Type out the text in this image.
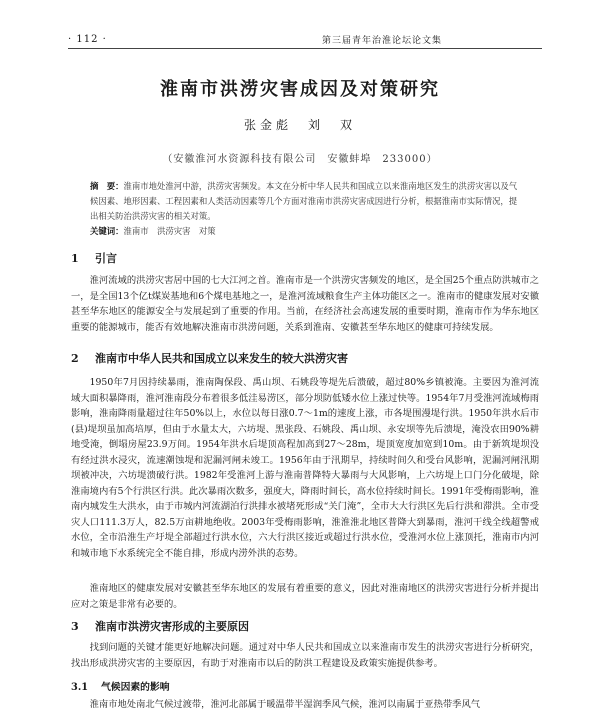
· 112 ·	第三届青年治淮论坛论文集
淮南市洪涝灾害成因及对策研究
张金彪　刘　双
（安徽淮河水资源科技有限公司　安徽蚌埠　233000）
摘　要：淮南市地处淮河中游，洪涝灾害频发。本文在分析中华人民共和国成立以来淮南地区发生的洪涝灾害以及气候因素、地形因素、工程因素和人类活动因素等几个方面对淮南市洪涝灾害成因进行分析，根据淮南市实际情况，提出相关防治洪涝灾害的相关对策。
关键词：淮南市　洪涝灾害　对策
1 引言
淮河流域的洪涝灾害居中国的七大江河之首。淮南市是一个洪涝灾害频发的地区，是全国25个重点防洪城市之一，是全国13个亿t煤炭基地和6个煤电基地之一，是淮河流域粮食生产主体功能区之一。淮南市的健康发展对安徽甚至华东地区的能源安全与发展起到了重要的作用。当前，在经济社会高速发展的重要时期，淮南市作为华东地区重要的能源城市，能否有效地解决淮南市洪涝问题，关系到淮南、安徽甚至华东地区的健康可持续发展。
2 淮南市中华人民共和国成立以来发生的较大洪涝灾害
1950年7月因持续暴雨，淮南陶保段、禹山坝、石姚段等堤先后溃破，超过80%乡镇被淹。主要因为淮河流域大面积暴降雨，淮河淮南段分布着很多低洼易涝区，部分坝防低矮水位上涨过快等。1954年7月受淮河流域梅雨影响，淮南降雨量超过往年50%以上，水位以每日涨0.7～1m的速度上涨，市各堤围漫堤行洪。1950年洪水后市(县)堤坝虽加高培厚，但由于水量太大，六坊堤、黑张段、石姚段、禹山坝、永安坝等先后溃堤，淹没农田90%耕地受淹，倒塌房屋23.9万间。1954年洪水后堤顶高程加高到27～28m，堤顶宽度加宽到10m。由于新筑堤坝没有经过洪水浸灾，流速潮蚀堤和泥漏河闸未竣工。1956年由于汛期早，持续时间久和受台风影响，泥漏河闸汛期坝被冲决，六坊堤溃破行洪。1982年受淮河上游与淮南普降特大暴雨与大风影响，上六坊堤上口门分化破堤，除淮南境内有5个行洪区行洪。此次暴雨次数多，强度大，降雨时间长，高水位持续时间长。1991年受梅雨影响，淮南内城发生大洪水，由于市城内河流湖泊行洪排水被堵死形成“关门淹”，全市大大行洪区先后行洪和滞洪。全市受灾人口111.3万人，82.5万亩耕地绝收。2003年受梅雨影响，淮淮淮北地区普降大到暴雨，淮河干线全线超警戒水位，全市沿淮生产圩堤全部超过行洪水位，六大行洪区接近或超过行洪水位，受淮河水位上涨顶托，淮南市内河和城市地下水系统完全不能自排，形成内涝外洪的态势。
淮南地区的健康发展对安徽甚至华东地区的发展有着重要的意义，因此对淮南地区的洪涝灾害进行分析并提出应对之策是非常有必要的。
3 淮南市洪涝灾害形成的主要原因
找到问题的关键才能更好地解决问题。通过对中华人民共和国成立以来淮南市发生的洪涝灾害进行分析研究，找出形成洪涝灾害的主要原因，有助于对淮南市以后的防洪工程建设及政策实施提供参考。
3.1 气候因素的影响
淮南市地处南北气候过渡带，淮河北部属于暖温带半湿润季风气候，淮河以南属于亚热带季风气
